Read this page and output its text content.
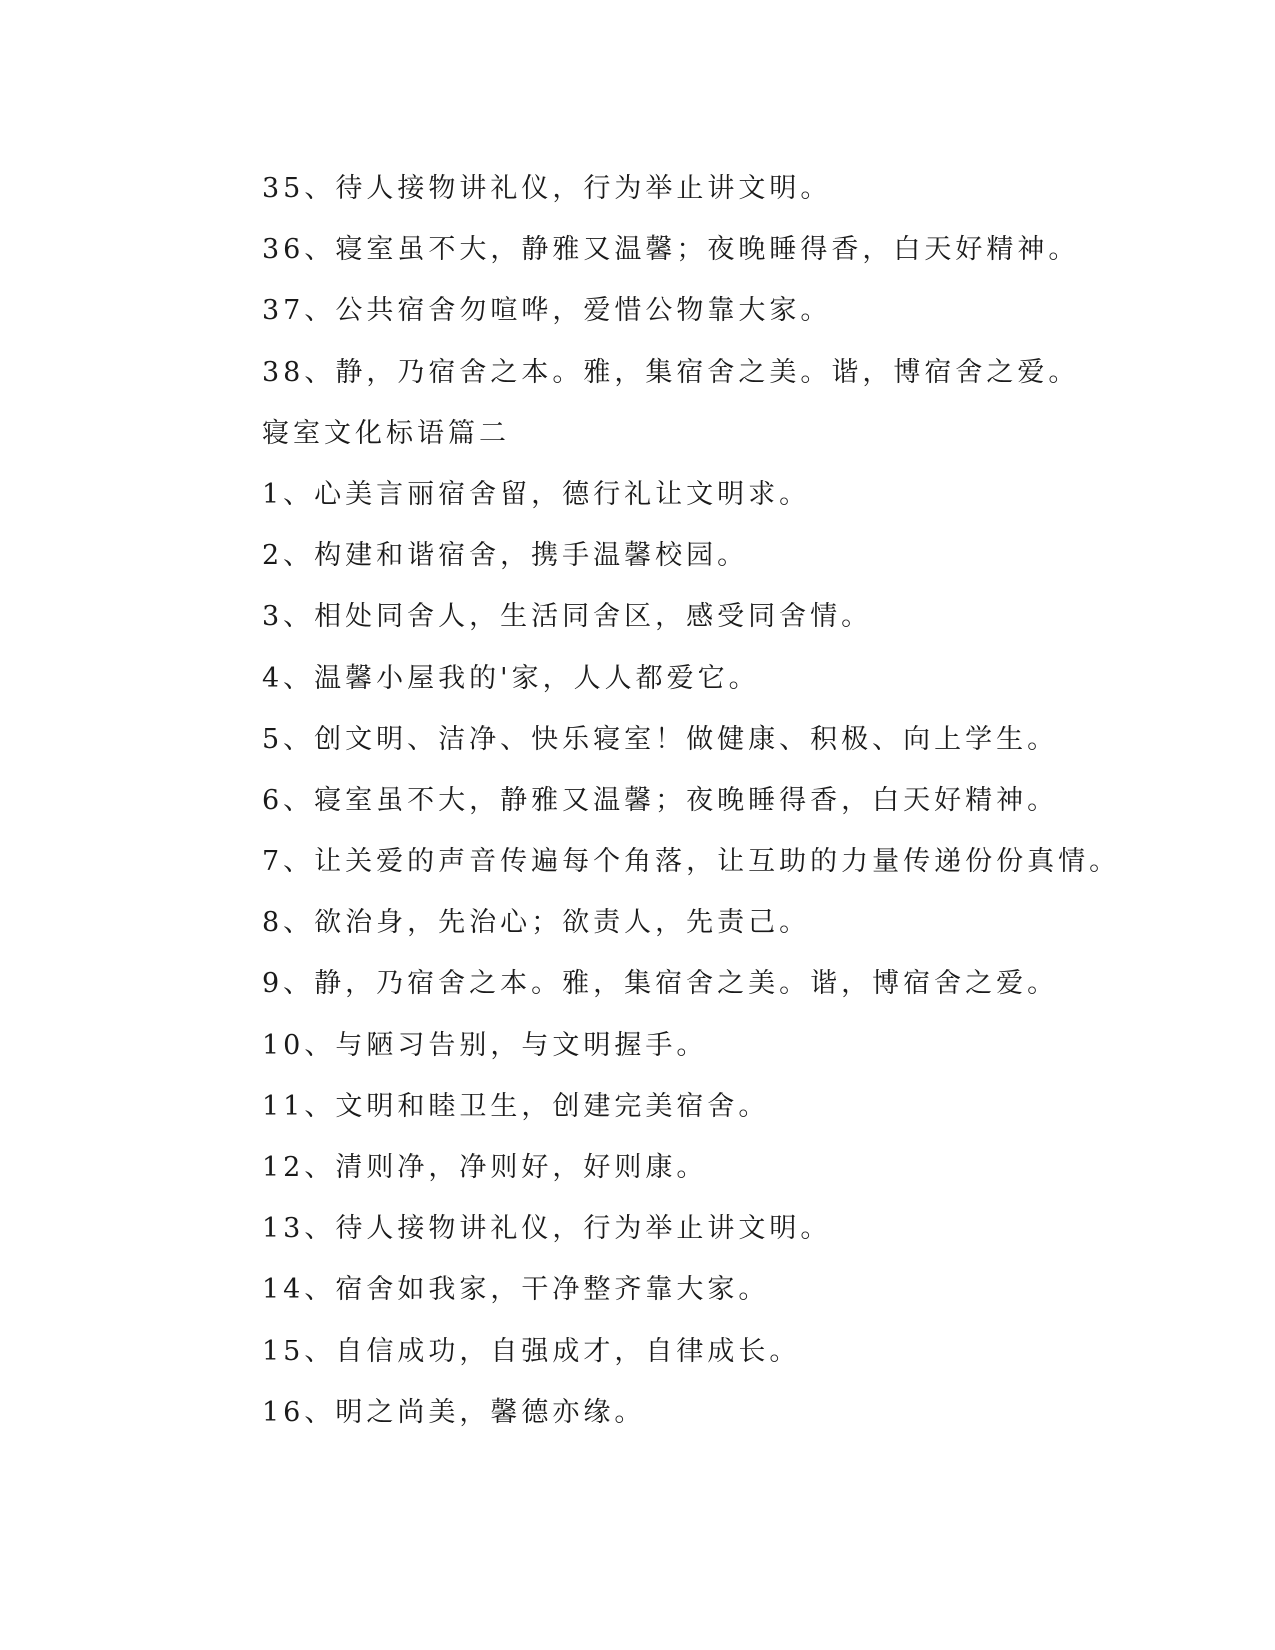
35、待人接物讲礼仪，行为举止讲文明。
36、寝室虽不大，静雅又温馨；夜晚睡得香，白天好精神。
37、公共宿舍勿喧哗，爱惜公物靠大家。
38、静，乃宿舍之本。雅，集宿舍之美。谐，博宿舍之爱。
寝室文化标语篇二
1、心美言丽宿舍留，德行礼让文明求。
2、构建和谐宿舍，携手温馨校园。
3、相处同舍人，生活同舍区，感受同舍情。
4、温馨小屋我的'家，人人都爱它。
5、创文明、洁净、快乐寝室！做健康、积极、向上学生。
6、寝室虽不大，静雅又温馨；夜晚睡得香，白天好精神。
7、让关爱的声音传遍每个角落，让互助的力量传递份份真情。
8、欲治身，先治心；欲责人，先责己。
9、静，乃宿舍之本。雅，集宿舍之美。谐，博宿舍之爱。
10、与陋习告别，与文明握手。
11、文明和睦卫生，创建完美宿舍。
12、清则净，净则好，好则康。
13、待人接物讲礼仪，行为举止讲文明。
14、宿舍如我家，干净整齐靠大家。
15、自信成功，自强成才，自律成长。
16、明之尚美，馨德亦缘。
